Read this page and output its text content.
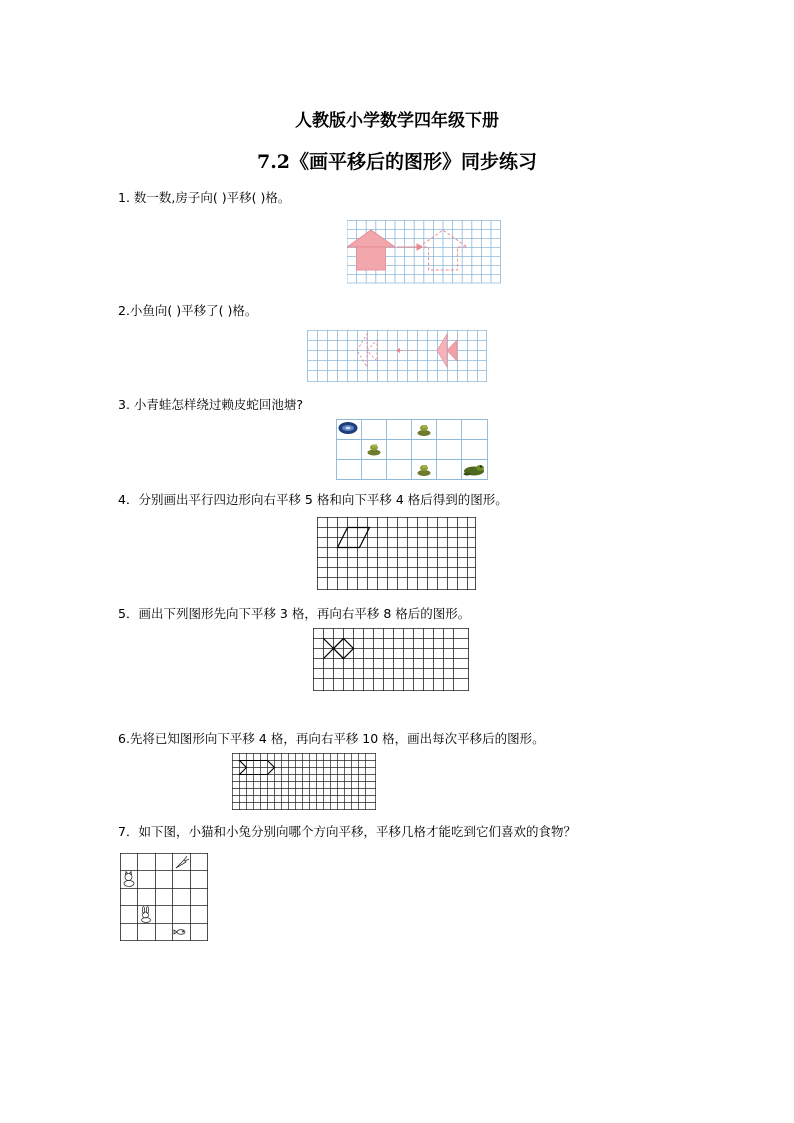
人教版小学数学四年级下册
7.2《画平移后的图形》同步练习
1. 数一数,房子向( )平移( )格。
2.小鱼向( )平移了( )格。
3. 小青蛙怎样绕过赖皮蛇回池塘?
4．分别画出平行四边形向右平移 5 格和向下平移 4 格后得到的图形。
5．画出下列图形先向下平移 3 格，再向右平移 8 格后的图形。
6.先将已知图形向下平移 4 格，再向右平移 10 格，画出每次平移后的图形。
7．如下图，小猫和小兔分别向哪个方向平移，平移几格才能吃到它们喜欢的食物？
